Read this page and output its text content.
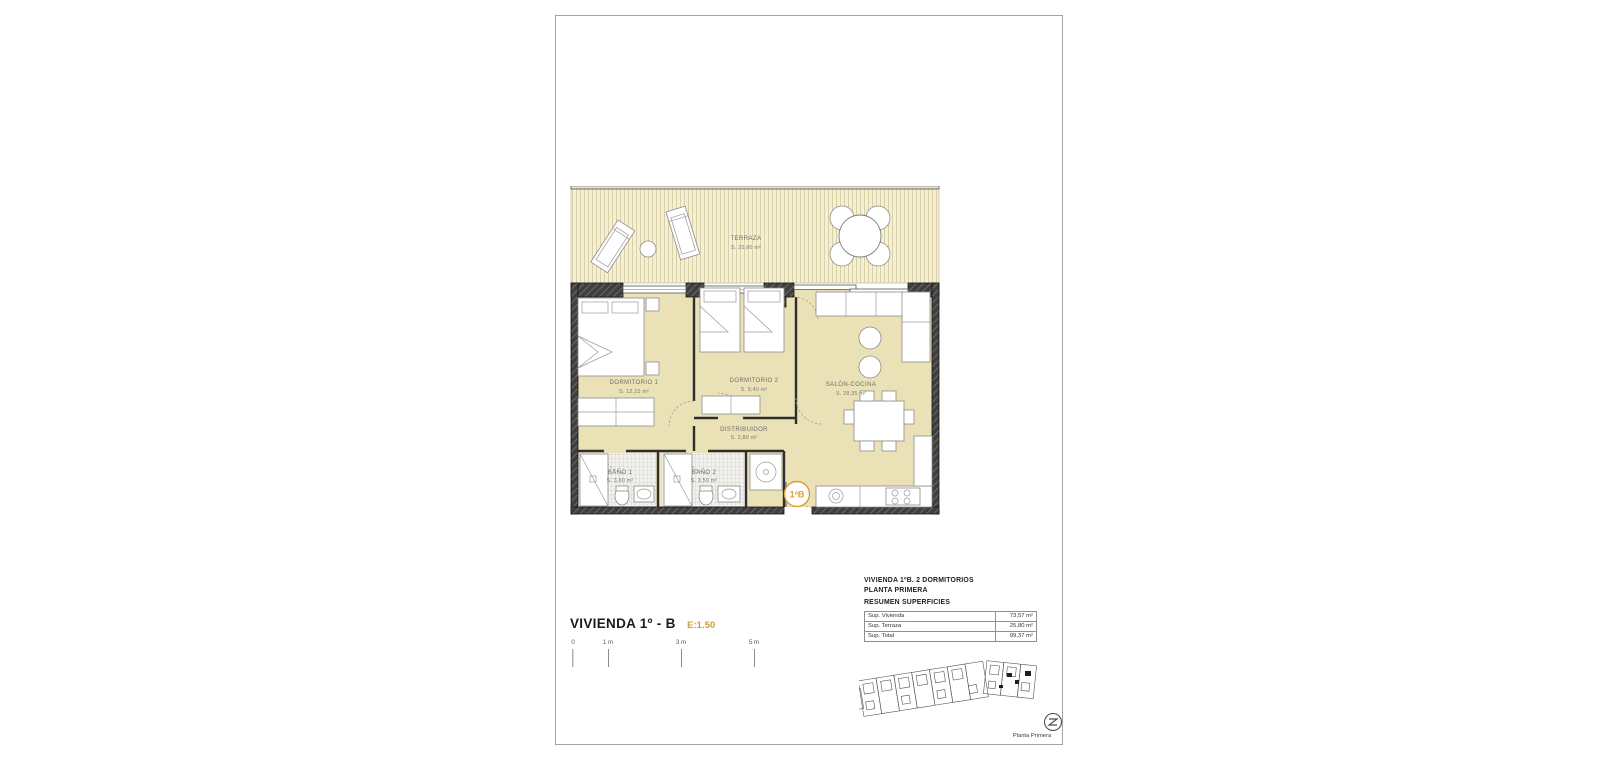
TERRAZA
S. 25,60 m²
DORMITORIO 1
S. 12,15 m²
DORMITORIO 2
S. 9,40 m²
SALÓN-COCINA
S. 28,35 m²
DISTRIBUIDOR
S. 2,80 m²
BAÑO 1
S. 3,60 m²
BAÑO 2
S. 3,50 m²
1ºB
VIVIENDA 1º - B E:1.50
0	1 m	3 m	5 m
VIVIENDA 1ºB. 2 DORMITORIOS
PLANTA PRIMERA
RESUMEN SUPERFICIES
Sup. Vivienda	73,57 m²
Sup. Terraza	25,80 m²
Sup. Total	99,37 m²
Planta Primera
